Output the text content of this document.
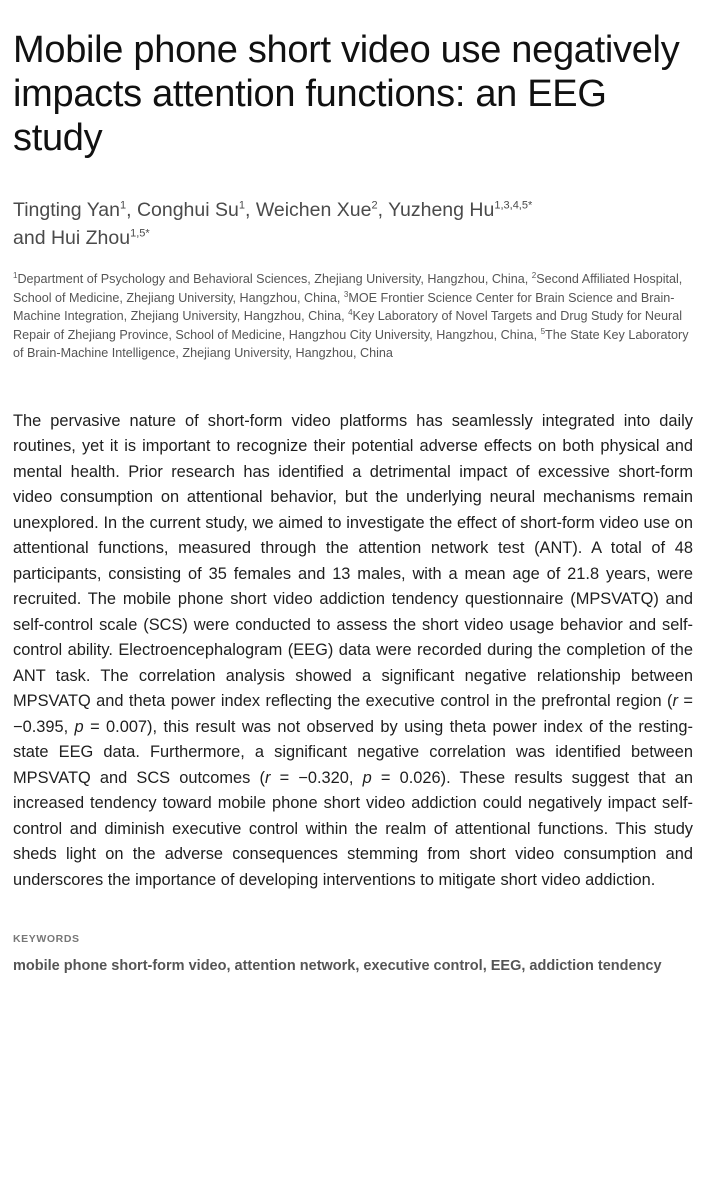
Mobile phone short video use negatively impacts attention functions: an EEG study
Tingting Yan$^1$, Conghui Su$^1$, Weichen Xue$^2$, Yuzheng $Hu^{1,3,4,5*}$
and Hui Zhou$^{1,5*}$
$^1$Department of Psychology and Behavioral Sciences, Zhejiang University, Hangzhou, China, $^2$Second Affiliated Hospital, School of Medicine, Zhejiang University, Hangzhou, China, $^3$MOE Frontier Science Center for Brain Science and Brain-Machine Integration, Zhejiang University, Hangzhou, China, $^4$Key Laboratory of Novel Targets and Drug Study for Neural Repair of Zhejiang Province, School of Medicine, Hangzhou City University, Hangzhou, China, $^5$The State Key Laboratory of Brain-Machine Intelligence, Zhejiang University, Hangzhou, China
The pervasive nature of short-form video platforms has seamlessly integrated into daily routines, yet it is important to recognize their potential adverse effects on both physical and mental health. Prior research has identified a detrimental impact of excessive short-form video consumption on attentional behavior, but the underlying neural mechanisms remain unexplored. In the current study, we aimed to investigate the effect of short-form video use on attentional functions, measured through the attention network test (ANT). A total of 48 participants, consisting of 35 females and 13 males, with a mean age of 21.8 years, were recruited. The mobile phone short video addiction tendency questionnaire (MPSVATQ) and self-control scale (SCS) were conducted to assess the short video usage behavior and self-control ability. Electroencephalogram (EEG) data were recorded during the completion of the ANT task. The correlation analysis showed a significant negative relationship between MPSVATQ and theta power index reflecting the executive control in the prefrontal region (r = −0.395, p = 0.007), this result was not observed by using theta power index of the resting-state EEG data. Furthermore, a significant negative correlation was identified between MPSVATQ and SCS outcomes (r = −0.320, p = 0.026). These results suggest that an increased tendency toward mobile phone short video addiction could negatively impact self-control and diminish executive control within the realm of attentional functions. This study sheds light on the adverse consequences stemming from short video consumption and underscores the importance of developing interventions to mitigate short video addiction.
KEYWORDS
mobile phone short-form video, attention network, executive control, EEG, addiction tendency
